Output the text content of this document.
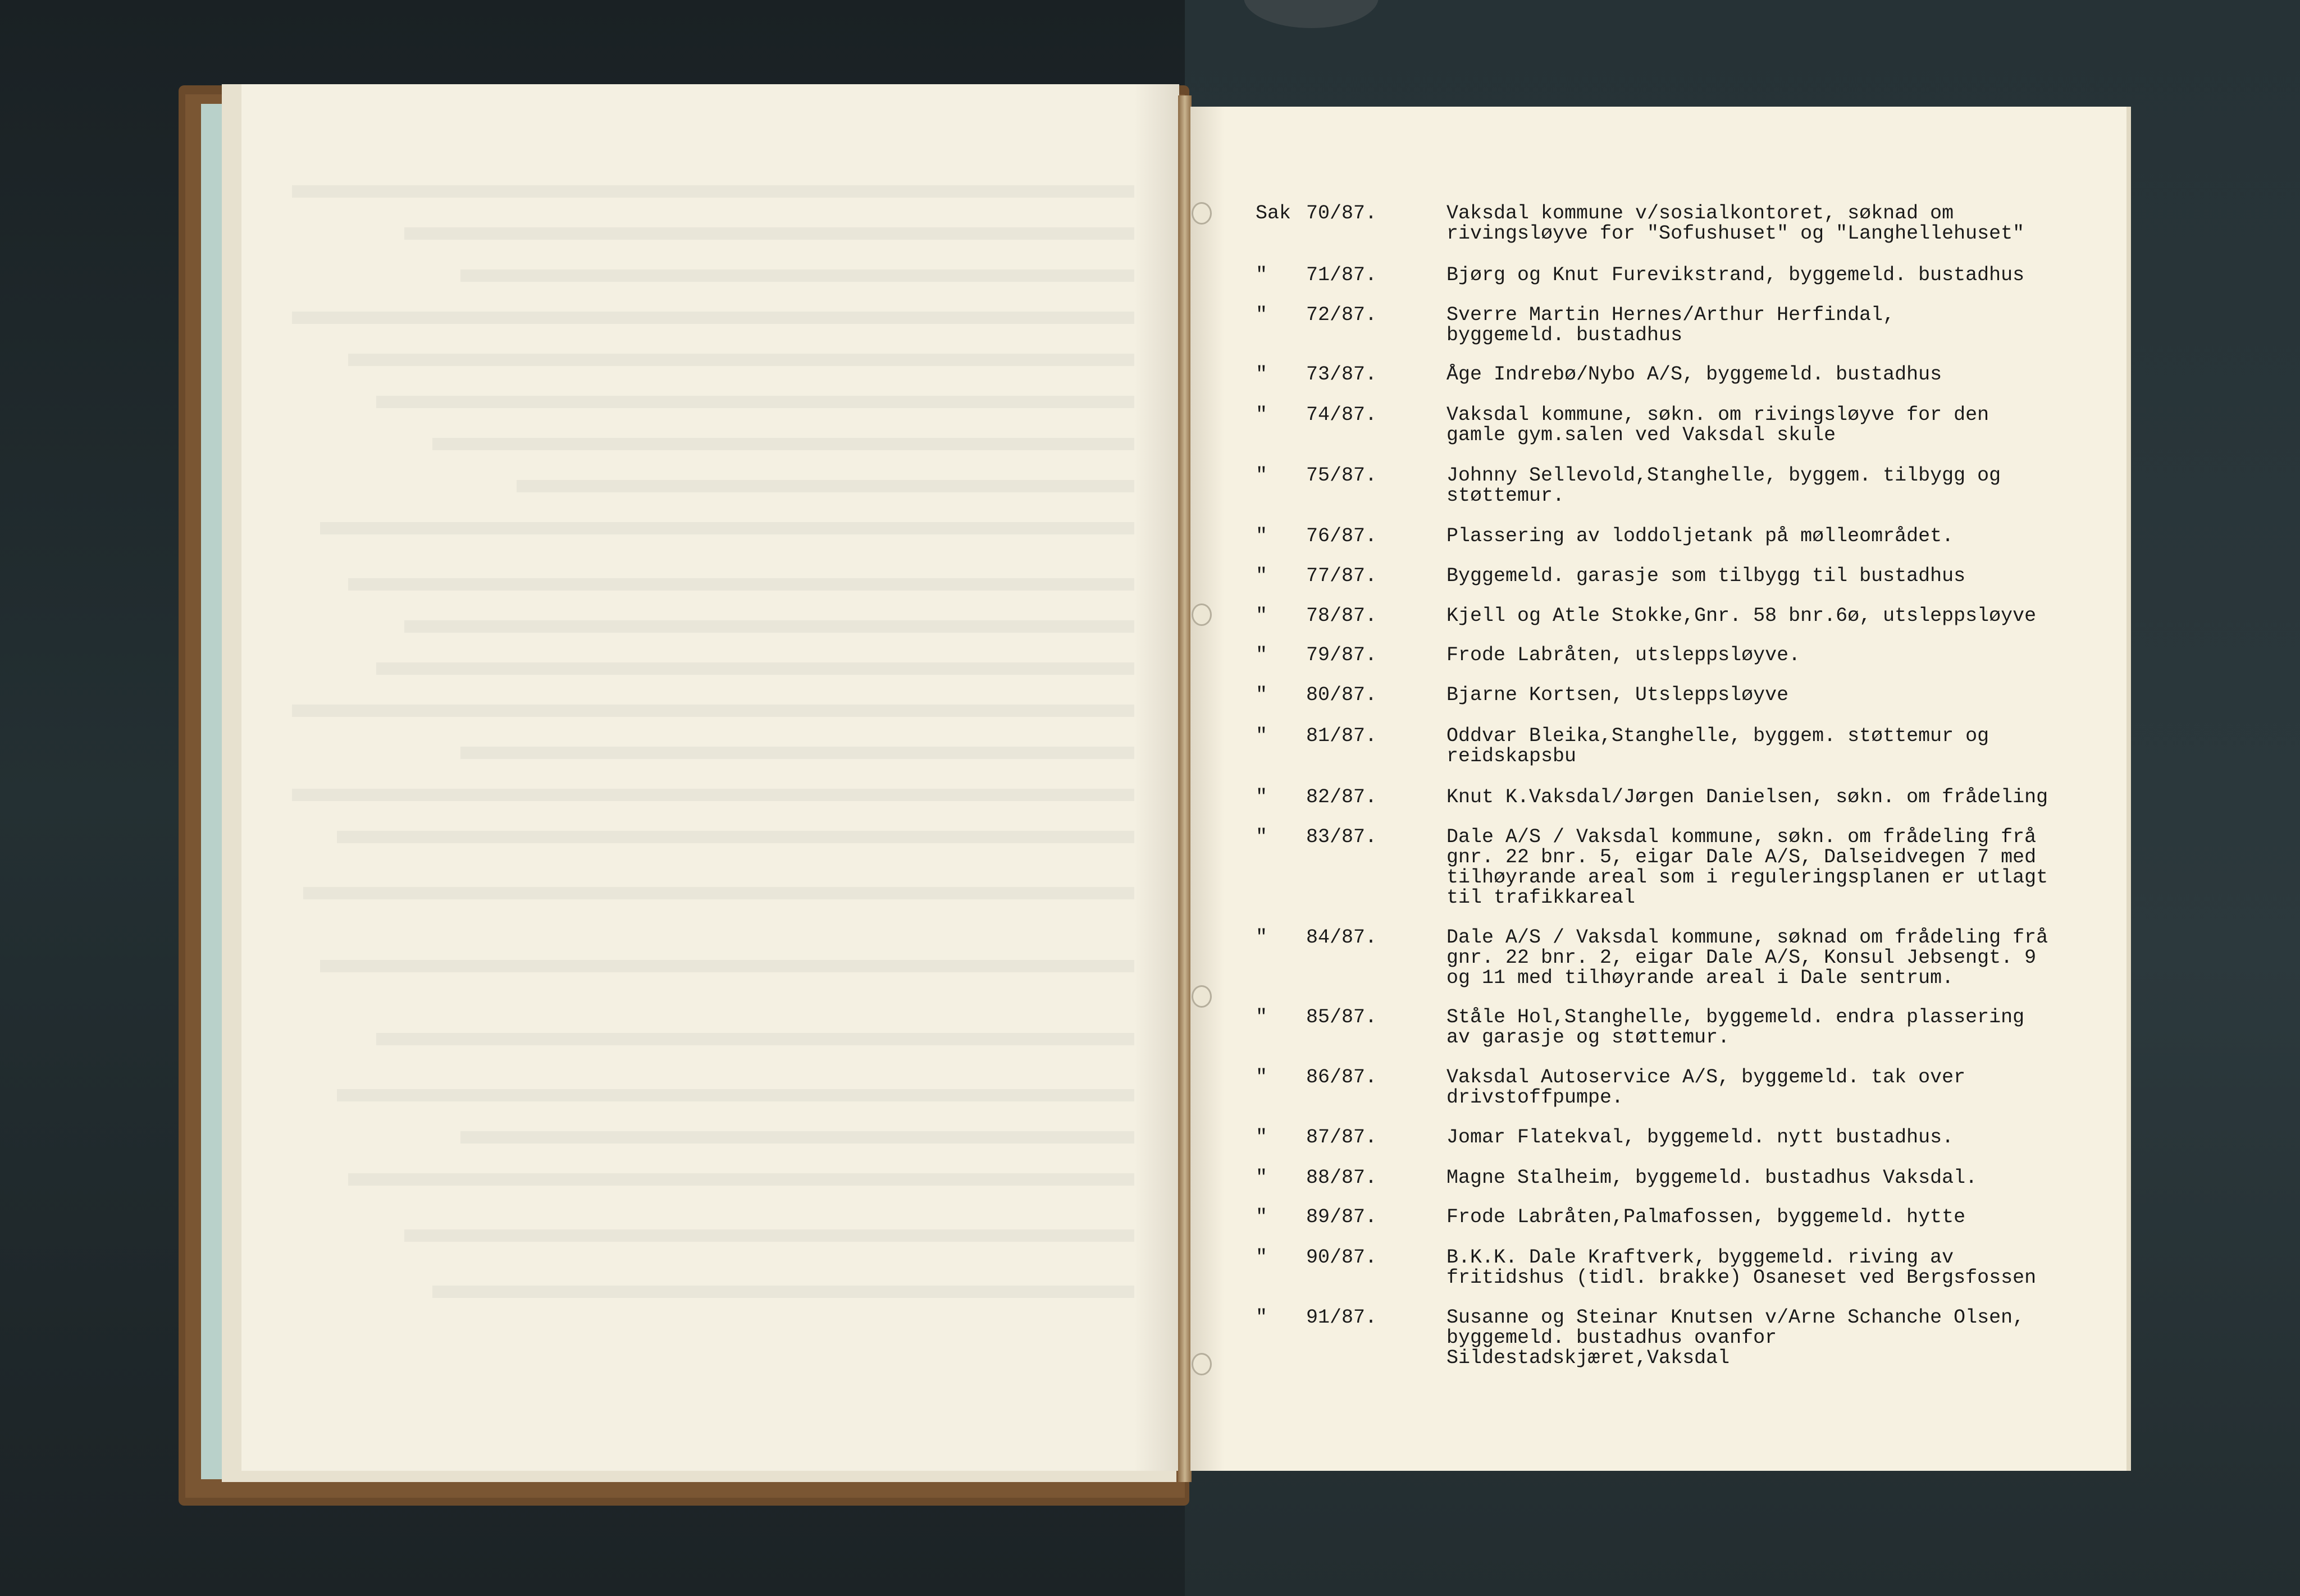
Sak 70/87.	Vaksdal kommune v/sosialkontoret, søknad om
rivingsløyve for "Sofushuset" og "Langhellehuset"
"	71/87.	Bjørg og Knut Furevikstrand, byggemeld. bustadhus
"	72/87.	Sverre Martin Hernes/Arthur Herfindal,
byggemeld. bustadhus
"	73/87.	Åge Indrebø/Nybo A/S, byggemeld. bustadhus
"	74/87.	Vaksdal kommune, søkn. om rivingsløyve for den
gamle gym.salen ved Vaksdal skule
"	75/87.	Johnny Sellevold,Stanghelle, byggem. tilbygg og
støttemur.
"	76/87.	Plassering av loddoljetank på mølleområdet.
"	77/87.	Byggemeld. garasje som tilbygg til bustadhus
"	78/87.	Kjell og Atle Stokke,Gnr. 58 bnr.6ø, utsleppsløyve
"	79/87.	Frode Labråten, utsleppsløyve.
"	80/87.	Bjarne Kortsen, Utsleppsløyve
"	81/87.	Oddvar Bleika,Stanghelle, byggem. støttemur og
reidskapsbu
"	82/87.	Knut K.Vaksdal/Jørgen Danielsen, søkn. om frådeling
"	83/87.	Dale A/S / Vaksdal kommune, søkn. om frådeling frå
gnr. 22 bnr. 5, eigar Dale A/S, Dalseidvegen 7 med
tilhøyrande areal som i reguleringsplanen er utlagt
til trafikkareal
"	84/87.	Dale A/S / Vaksdal kommune, søknad om frådeling frå
gnr. 22 bnr. 2, eigar Dale A/S, Konsul Jebsengt. 9
og 11 med tilhøyrande areal i Dale sentrum.
"	85/87.	Ståle Hol,Stanghelle, byggemeld. endra plassering
av garasje og støttemur.
"	86/87.	Vaksdal Autoservice A/S, byggemeld. tak over
drivstoffpumpe.
"	87/87.	Jomar Flatekval, byggemeld. nytt bustadhus.
"	88/87.	Magne Stalheim, byggemeld. bustadhus Vaksdal.
"	89/87.	Frode Labråten,Palmafossen, byggemeld. hytte
"	90/87.	B.K.K. Dale Kraftverk, byggemeld. riving av
fritidshus (tidl. brakke) Osaneset ved Bergsfossen
"	91/87.	Susanne og Steinar Knutsen v/Arne Schanche Olsen,
byggemeld. bustadhus ovanfor
Sildestadskjæret,Vaksdal
